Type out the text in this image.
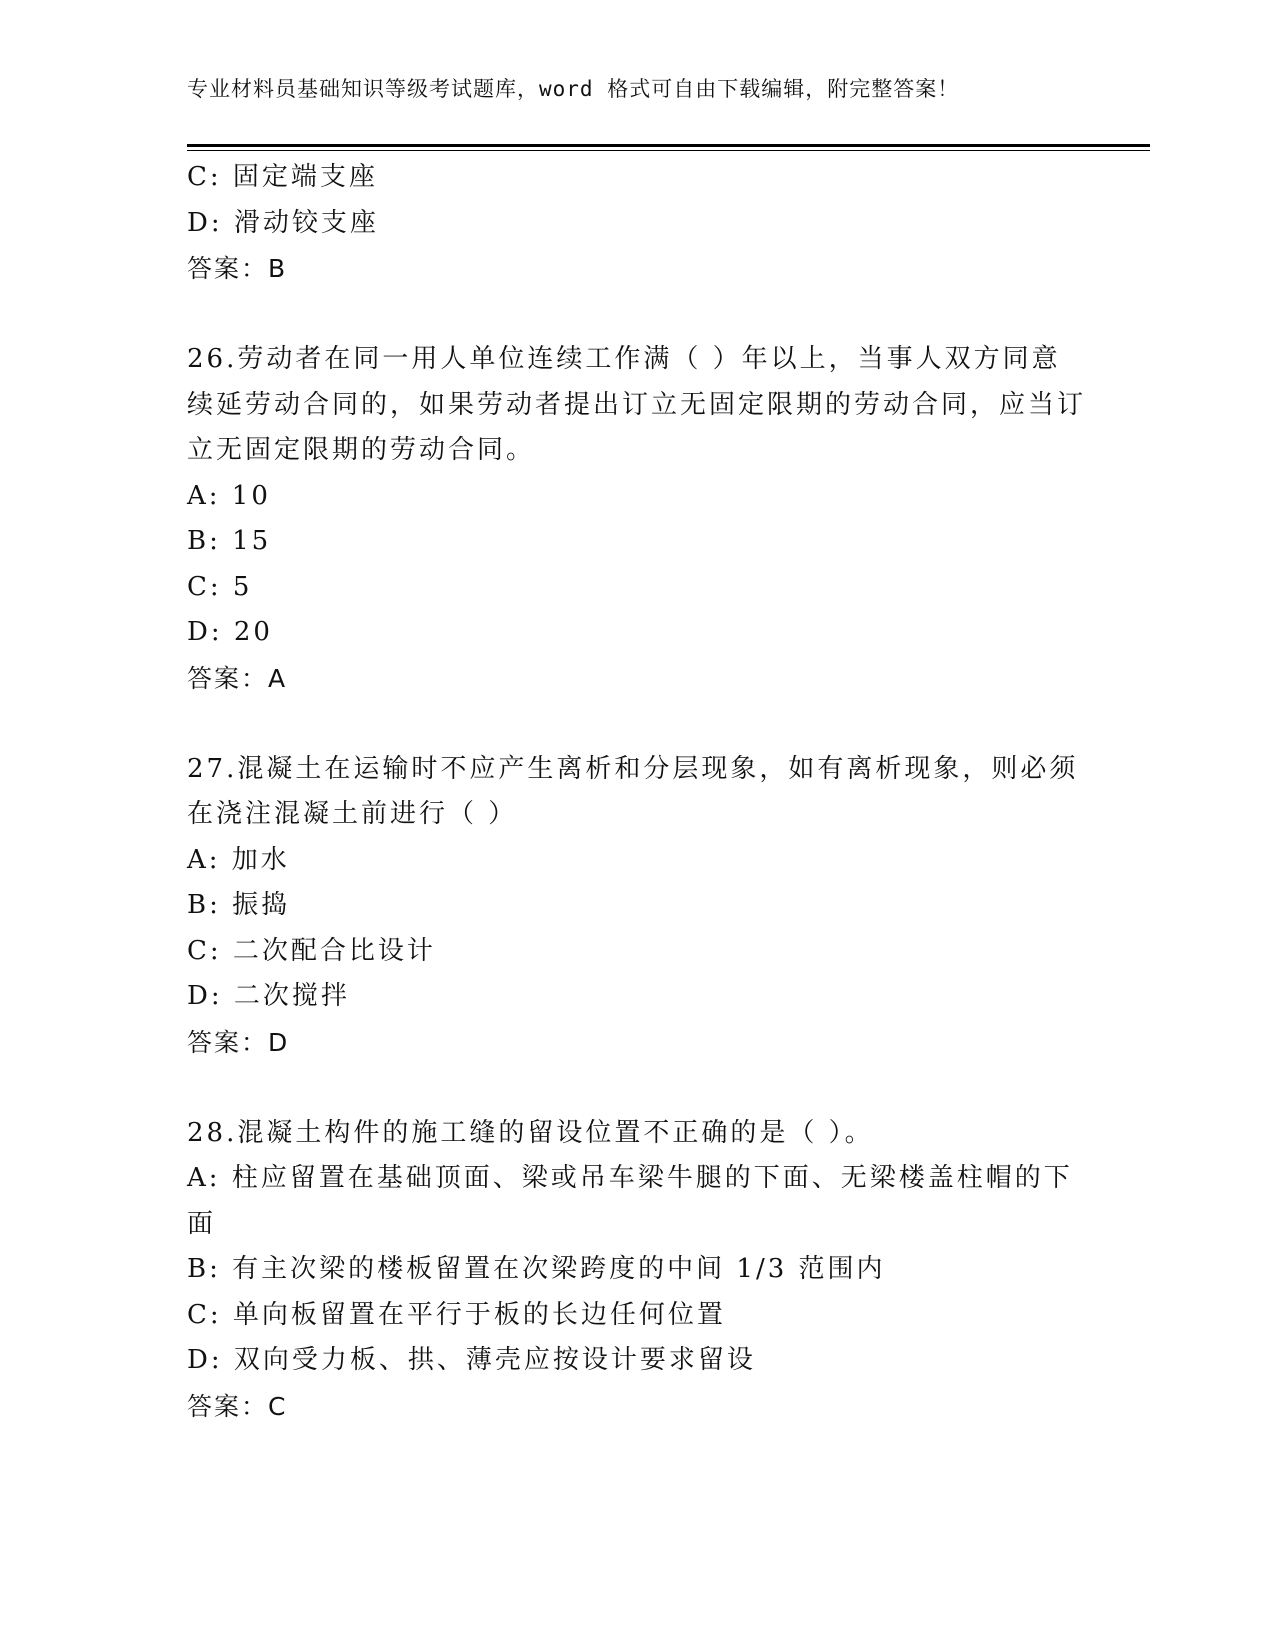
专业材料员基础知识等级考试题库，word 格式可自由下载编辑，附完整答案！
C: 固定端支座
D: 滑动铰支座
答案：B
26.劳动者在同一用人单位连续工作满（ ）年以上，当事人双方同意续延劳动合同的，如果劳动者提出订立无固定限期的劳动合同，应当订立无固定限期的劳动合同。
A: 10
B: 15
C: 5
D: 20
答案：A
27.混凝土在运输时不应产生离析和分层现象，如有离析现象，则必须在浇注混凝土前进行（ ）
A: 加水
B: 振捣
C: 二次配合比设计
D: 二次搅拌
答案：D
28.混凝土构件的施工缝的留设位置不正确的是（ ）。
A: 柱应留置在基础顶面、梁或吊车梁牛腿的下面、无梁楼盖柱帽的下面
B: 有主次梁的楼板留置在次梁跨度的中间 1/3 范围内
C: 单向板留置在平行于板的长边任何位置
D: 双向受力板、拱、薄壳应按设计要求留设
答案：C
